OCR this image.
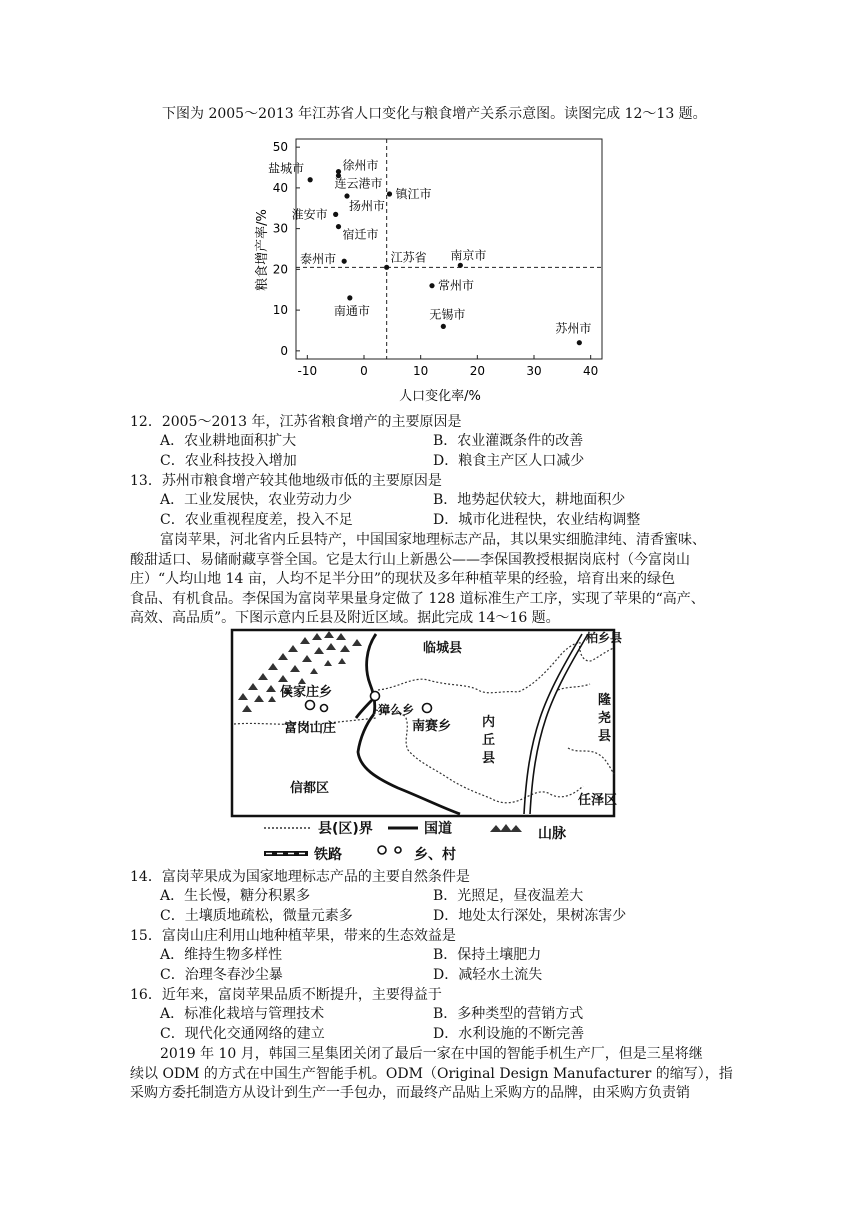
下图为 2005～2013 年江苏省人口变化与粮食增产关系示意图。读图完成 12～13 题。
0
10
20
30
40
50
-10	0	10	20	30	40
盐城市	徐州市
连云港市
镇江市
扬州市
淮安市
宿迁市
泰州市	江苏省 南京市
常州市
南通市	无锡市
苏州市
人口变化率/%
粮食增产率/%
12．2005～2013 年，江苏省粮食增产的主要原因是
A．农业耕地面积扩大	B．农业灌溉条件的改善
C．农业科技投入增加	D．粮食主产区人口减少
13．苏州市粮食增产较其他地级市低的主要原因是
A．工业发展快，农业劳动力少	B．地势起伏较大，耕地面积少
C．农业重视程度差，投入不足	D．城市化进程快，农业结构调整
富岗苹果，河北省内丘县特产，中国国家地理标志产品，其以果实细脆津纯、清香蜜味、
酸甜适口、易储耐藏享誉全国。它是太行山上新愚公——李保国教授根据岗底村（今富岗山
庄）“人均山地 14 亩，人均不足半分田”的现状及多年种植苹果的经验，培育出来的绿色
食品、有机食品。李保国为富岗苹果量身定做了 128 道标准生产工序，实现了苹果的“高产、
高效、高品质”。下图示意内丘县及附近区域。据此完成 14～16 题。
临城县
柏乡县
侯家庄乡
富岗山庄
獐么乡
南赛乡
信都区
任泽区
隆
尧
县
内
丘
县
县(区)界	国道	山脉
铁路	乡、村
14．富岗苹果成为国家地理标志产品的主要自然条件是
A．生长慢，糖分积累多	B．光照足，昼夜温差大
C．土壤质地疏松，微量元素多	D．地处太行深处，果树冻害少
15．富岗山庄利用山地种植苹果，带来的生态效益是
A．维持生物多样性	B．保持土壤肥力
C．治理冬春沙尘暴	D．减轻水土流失
16．近年来，富岗苹果品质不断提升，主要得益于
A．标准化栽培与管理技术	B．多种类型的营销方式
C．现代化交通网络的建立	D．水利设施的不断完善
2019 年 10 月，韩国三星集团关闭了最后一家在中国的智能手机生产厂，但是三星将继
续以 ODM 的方式在中国生产智能手机。ODM（Original Design Manufacturer 的缩写），指
采购方委托制造方从设计到生产一手包办，而最终产品贴上采购方的品牌，由采购方负责销
